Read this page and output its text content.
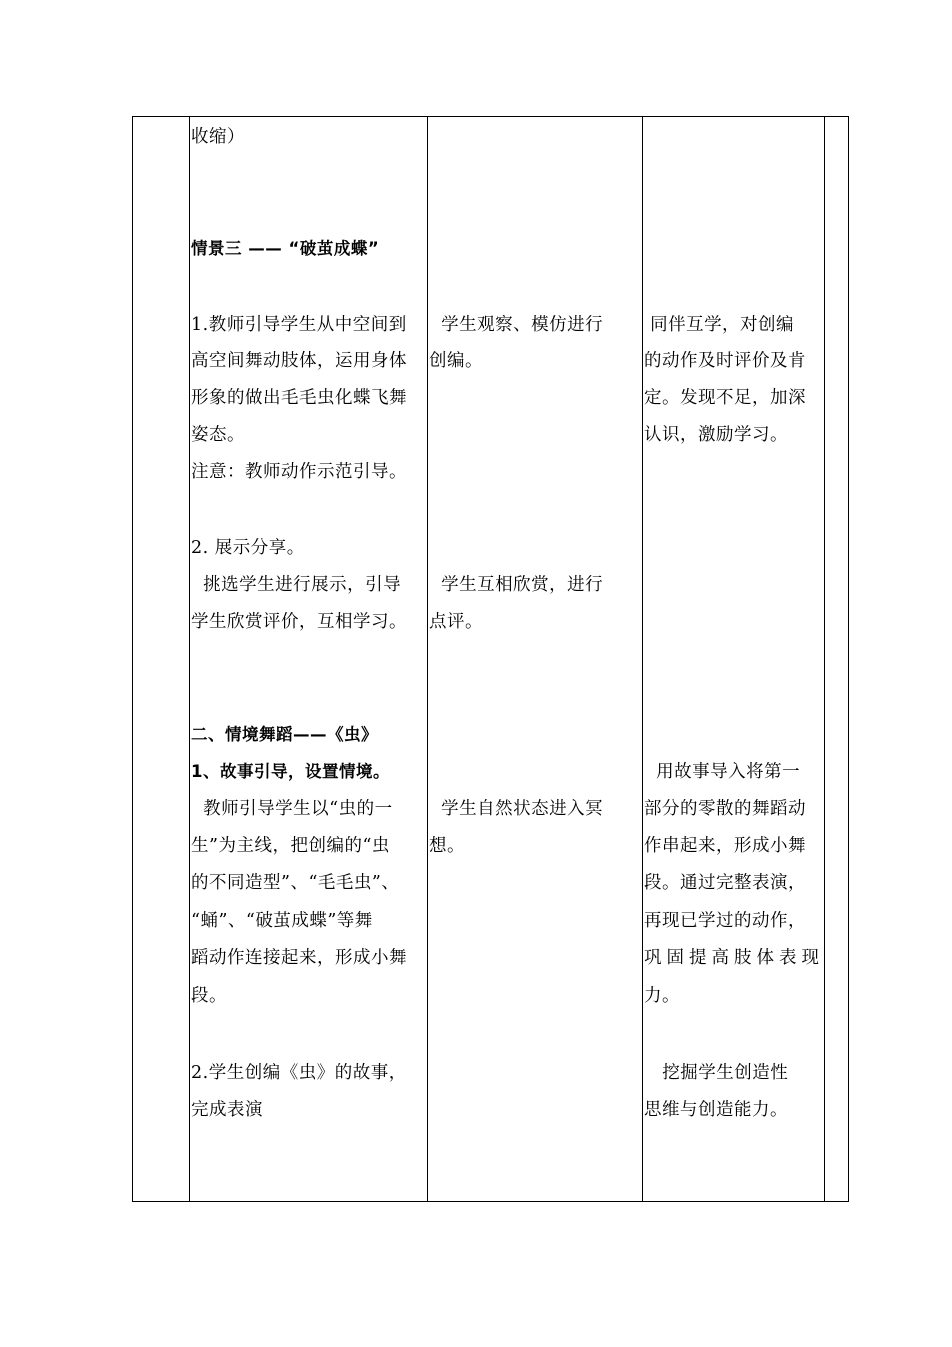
收缩）
情景三 —— “破茧成蝶”
1.教师引导学生从中空间到
高空间舞动肢体，运用身体
形象的做出毛毛虫化蝶飞舞
姿态。
注意：教师动作示范引导。
2. 展示分享。
挑选学生进行展示，引导
学生欣赏评价，互相学习。
二、情境舞蹈——《虫》
1、故事引导，设置情境。
教师引导学生以“虫的一
生”为主线，把创编的“虫
的不同造型”、“毛毛虫”、
“蛹”、“破茧成蝶”等舞
蹈动作连接起来，形成小舞
段。
2.学生创编《虫》的故事，
完成表演
学生观察、模仿进行
创编。
学生互相欣赏，进行
点评。
学生自然状态进入冥
想。
同伴互学，对创编
的动作及时评价及肯
定。发现不足，加深
认识，激励学习。
用故事导入将第一
部分的零散的舞蹈动
作串起来，形成小舞
段。通过完整表演，
再现已学过的动作，
巩固提高肢体表现
力。
挖掘学生创造性
思维与创造能力。
